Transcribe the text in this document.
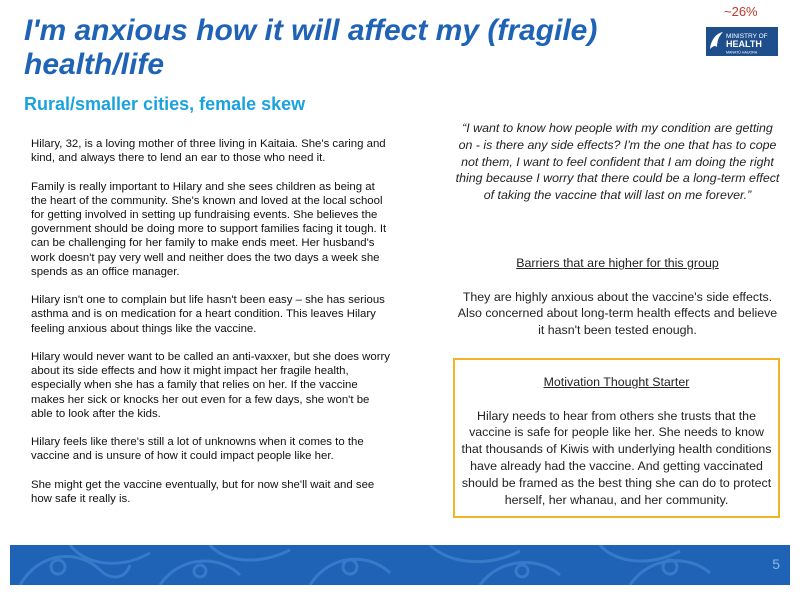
I'm anxious how it will affect my (fragile) health/life
~26%
MINISTRY OF
HEALTH
MANATŪ HAUORA
Rural/smaller cities, female skew

Hilary, 32, is a loving mother of three living in Kaitaia. She's caring and kind, and always there to lend an ear to those who need it.

Family is really important to Hilary and she sees children as being at the heart of the community. She's known and loved at the local school for getting involved in setting up fundraising events. She believes the government should be doing more to support families facing it tough. It can be challenging for her family to make ends meet. Her husband's work doesn't pay very well and neither does the two days a week she spends as an office manager.

Hilary isn't one to complain but life hasn't been easy – she has serious asthma and is on medication for a heart condition. This leaves Hilary feeling anxious about things like the vaccine.

Hilary would never want to be called an anti-vaxxer, but she does worry about its side effects and how it might impact her fragile health, especially when she has a family that relies on her. If the vaccine makes her sick or knocks her out even for a few days, she won't be able to look after the kids.

Hilary feels like there's still a lot of unknowns when it comes to the vaccine and is unsure of how it could impact people like her.

She might get the vaccine eventually, but for now she'll wait and see how safe it really is.

“I want to know how people with my condition are getting on - is there any side effects? I'm the one that has to cope not them, I want to feel confident that I am doing the right thing because I worry that there could be a long-term effect of taking the vaccine that will last on me forever.”
Barriers that are higher for this group

They are highly anxious about the vaccine's side effects. Also concerned about long-term health effects and believe it hasn't been tested enough.

Motivation Thought Starter

Hilary needs to hear from others she trusts that the vaccine is safe for people like her. She needs to know that thousands of Kiwis with underlying health conditions have already had the vaccine. And getting vaccinated should be framed as the best thing she can do to protect herself, her whanau, and her community.

5
